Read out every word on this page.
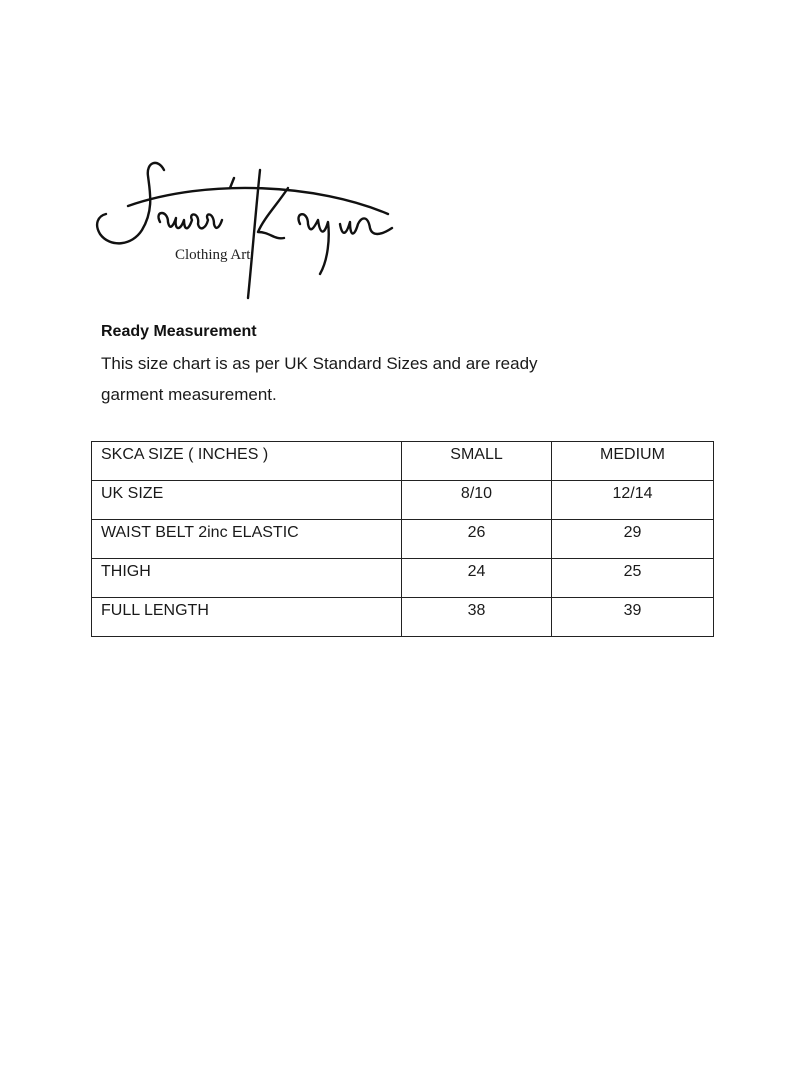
Clothing Art
Ready Measurement
This size chart is as per UK Standard Sizes and are ready garment measurement.
SKCA SIZE ( INCHES )	SMALL	MEDIUM
UK SIZE	8/10	12/14
WAIST BELT 2inc ELASTIC	26	29
THIGH	24	25
FULL LENGTH	38	39
